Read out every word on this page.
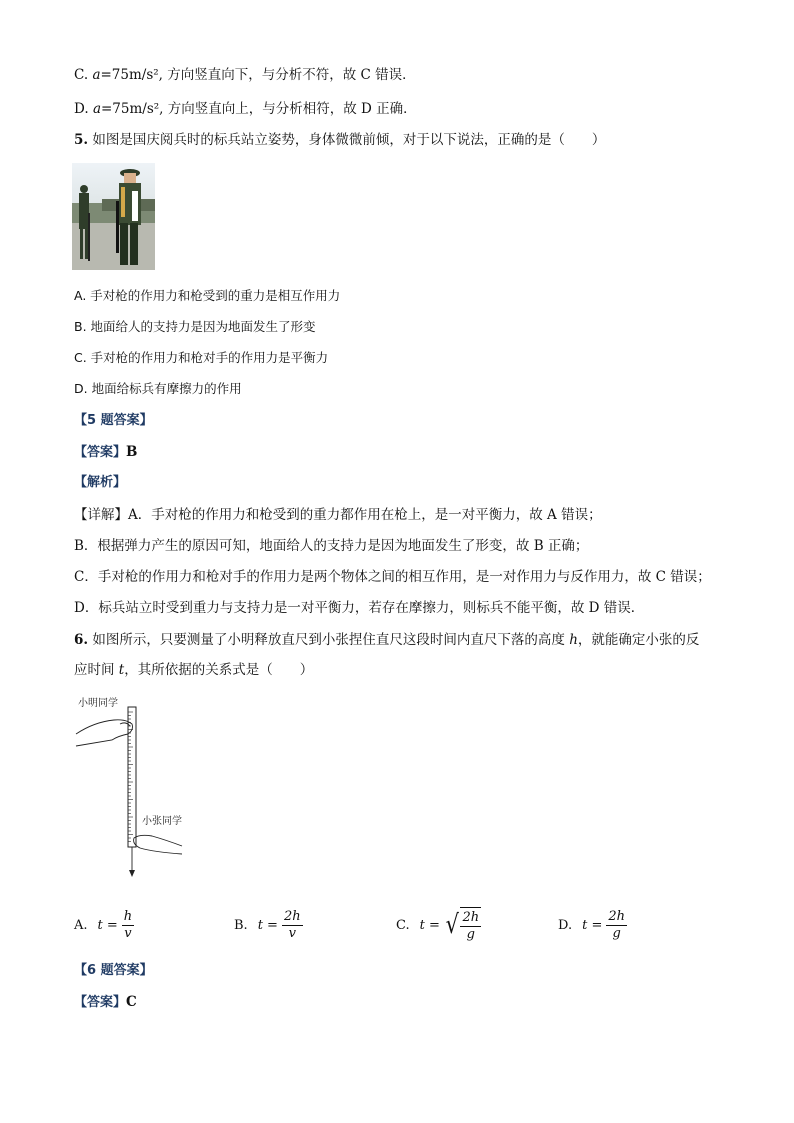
C. a=75m/s², 方向竖直向下，与分析不符，故 C 错误．
D. a=75m/s², 方向竖直向上，与分析相符，故 D 正确．
5. 如图是国庆阅兵时的标兵站立姿势，身体微微前倾，对于以下说法，正确的是（　　）
A. 手对枪的作用力和枪受到的重力是相互作用力
B. 地面给人的支持力是因为地面发生了形变
C. 手对枪的作用力和枪对手的作用力是平衡力
D. 地面给标兵有摩擦力的作用
【5 题答案】
【答案】B
【解析】
【详解】A．手对枪的作用力和枪受到的重力都作用在枪上，是一对平衡力，故 A 错误；
B．根据弹力产生的原因可知，地面给人的支持力是因为地面发生了形变，故 B 正确；
C．手对枪的作用力和枪对手的作用力是两个物体之间的相互作用，是一对作用力与反作用力，故 C 错误；
D．标兵站立时受到重力与支持力是一对平衡力，若存在摩擦力，则标兵不能平衡，故 D 错误．
6. 如图所示，只要测量了小明释放直尺到小张捏住直尺这段时间内直尺下落的高度 h，就能确定小张的反
应时间 t，其所依据的关系式是（　　）
小明同学
小张同学
A. $t = \frac{h}{v}$	B. $t = \frac{2h}{v}$	C. t = √ $\frac{2h}{g}$	D. $t = \frac{2h}{g}$
【6 题答案】
【答案】C
